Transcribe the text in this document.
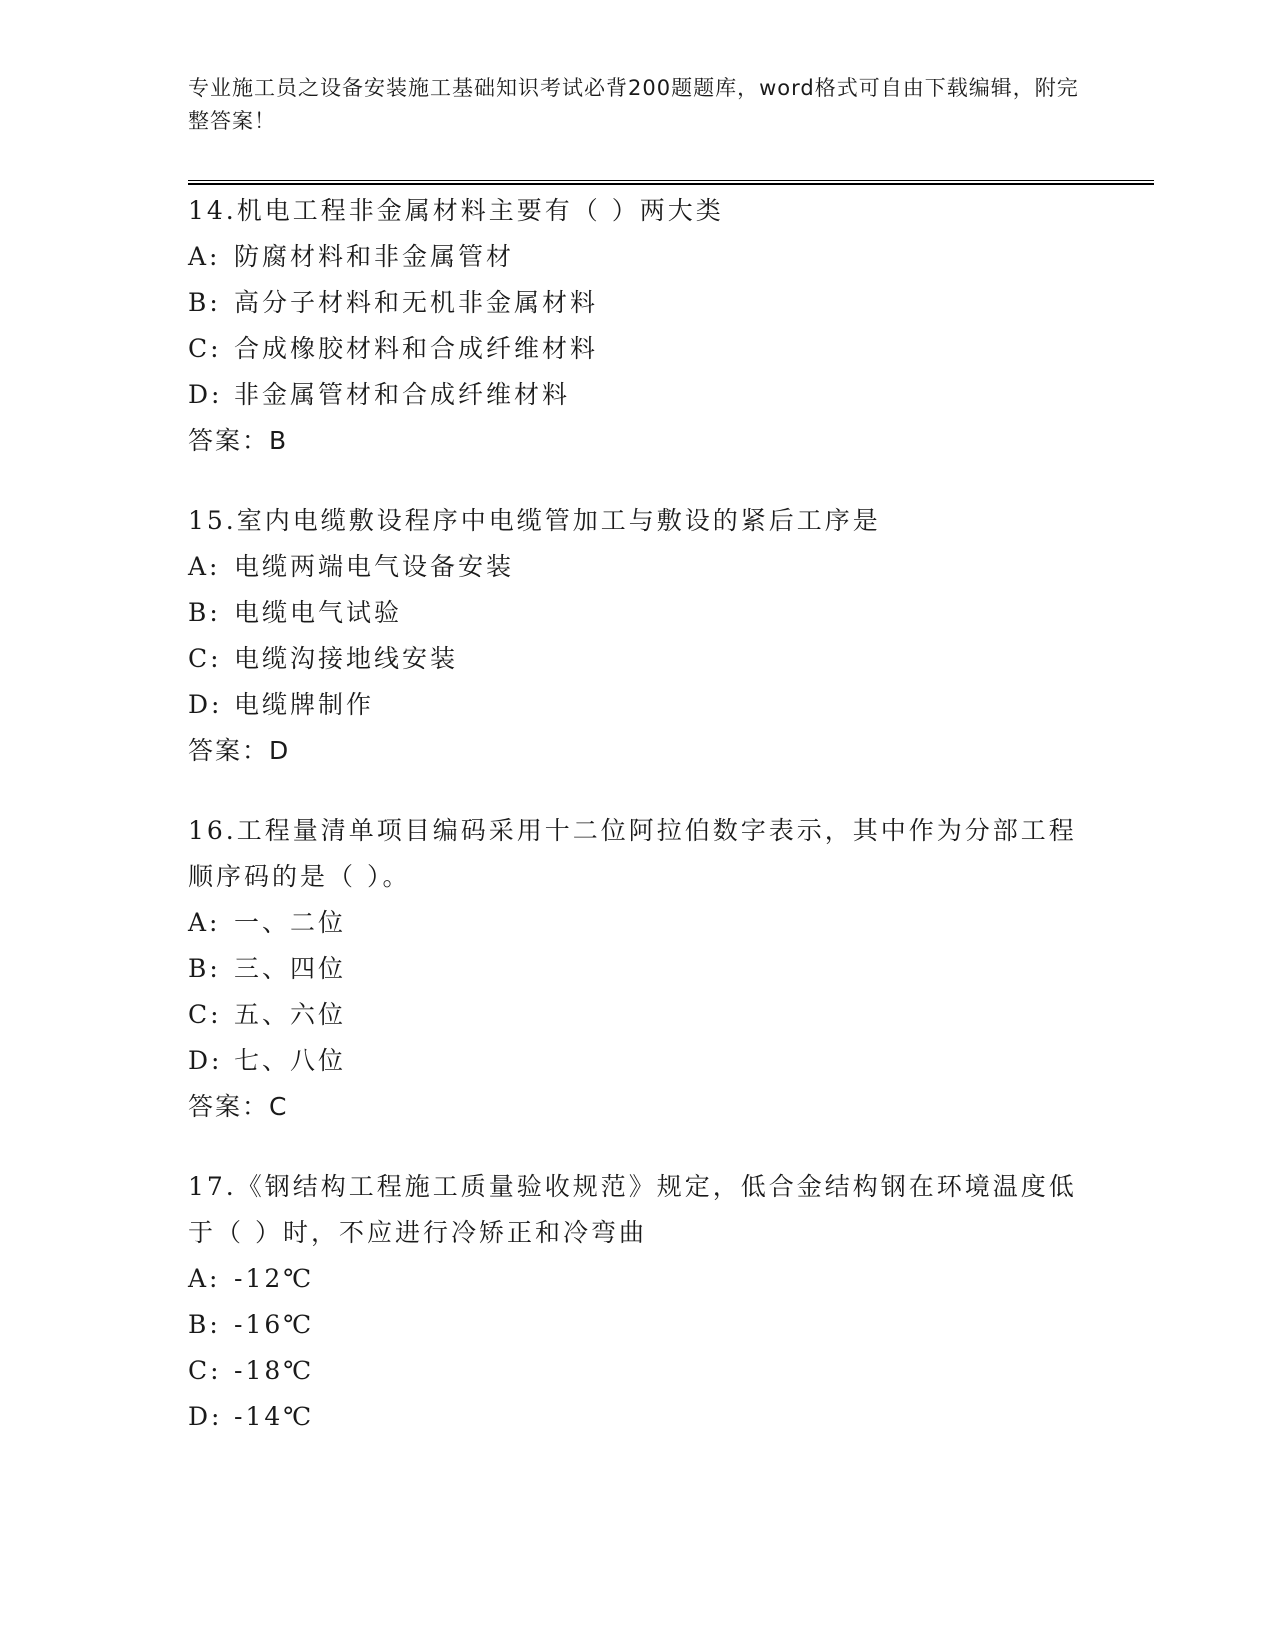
专业施工员之设备安装施工基础知识考试必背200题题库，word格式可自由下载编辑，附完整答案！
14.机电工程非金属材料主要有（ ）两大类
A: 防腐材料和非金属管材
B: 高分子材料和无机非金属材料
C: 合成橡胶材料和合成纤维材料
D: 非金属管材和合成纤维材料
答案：B
15.室内电缆敷设程序中电缆管加工与敷设的紧后工序是
A: 电缆两端电气设备安装
B: 电缆电气试验
C: 电缆沟接地线安装
D: 电缆牌制作
答案：D
16.工程量清单项目编码采用十二位阿拉伯数字表示，其中作为分部工程顺序码的是（ ）。
A: 一、二位
B: 三、四位
C: 五、六位
D: 七、八位
答案：C
17.《钢结构工程施工质量验收规范》规定，低合金结构钢在环境温度低于（ ）时，不应进行冷矫正和冷弯曲
A: -12℃
B: -16℃
C: -18℃
D: -14℃
